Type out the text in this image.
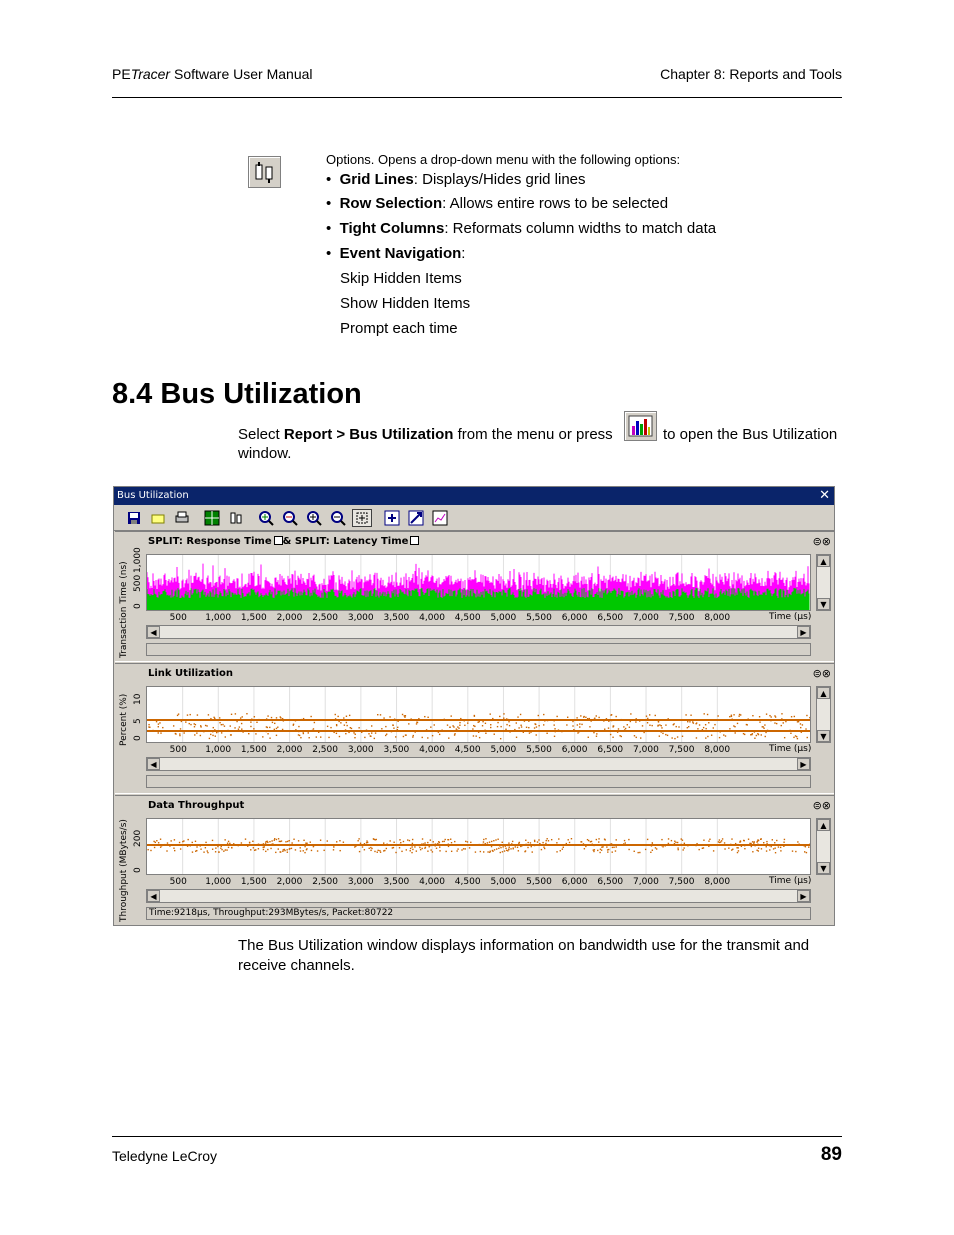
PETracer Software User Manual	Chapter 8: Reports and Tools
Options. Opens a drop-down menu with the following options:
•  Grid Lines: Displays/Hides grid lines
•  Row Selection: Allows entire rows to be selected
•  Tight Columns: Reformats column widths to match data
•  Event Navigation:
Skip Hidden Items
Show Hidden Items
Prompt each time
8.4 Bus Utilization
Select Report > Bus Utilization from the menu or press	to open the Bus Utilization
window.
Bus Utilization	✕
SPLIT: Response Time & SPLIT: Latency Time	⊜⊗
Transaction Time (ns)
1,000
500
0
500 1,000 1,500 2,000 2,500 3,000 3,500 4,000 4,500 5,000 5,500 6,000 6,500 7,000 7,500 8,000	Time (µs)
▲
▼
◀	▶
Link Utilization	⊜⊗
Percent (%) 10
5
0
500 1,000 1,500 2,000 2,500 3,000 3,500 4,000 4,500 5,000 5,500 6,000 6,500 7,000 7,500 8,000	Time (µs)
▲
▼
◀	▶
Data Throughput	⊜⊗
Throughput (MBytes/s) 200
0
500 1,000 1,500 2,000 2,500 3,000 3,500 4,000 4,500 5,000 5,500 6,000 6,500 7,000 7,500 8,000	Time (µs)
▲
▼
◀	▶
Time:9218µs, Throughput:293MBytes/s, Packet:80722
The Bus Utilization window displays information on bandwidth use for the transmit and receive channels.
Teledyne LeCroy	89
